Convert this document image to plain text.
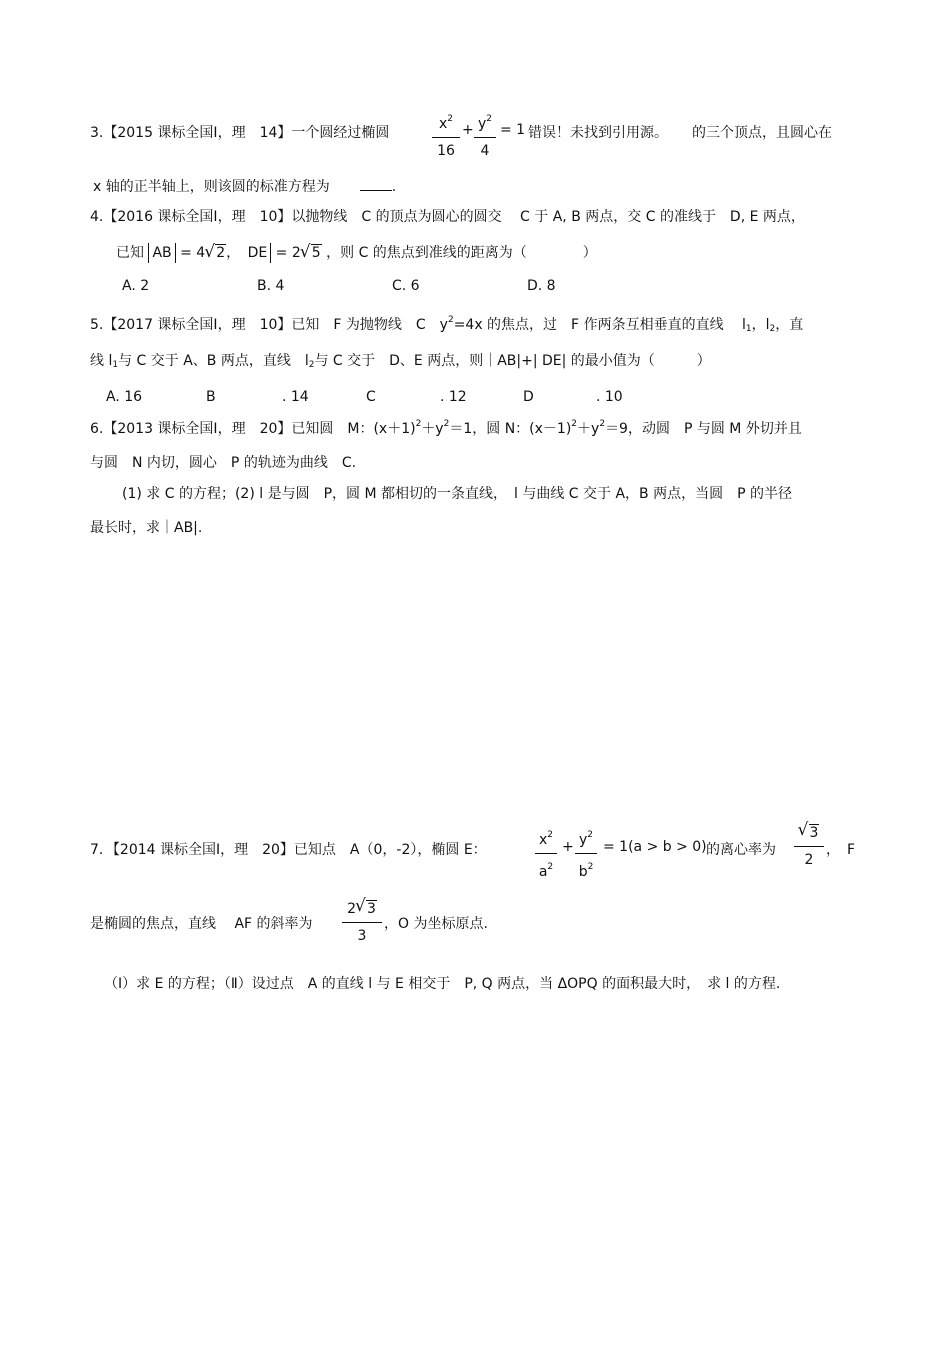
3.【2015 课标全国Ⅰ，理　14】一个圆经过椭圆
$x^2$
16
+ $y^2$
4
= 1 错误！未找到引用源。 的三个顶点，且圆心在
x 轴的正半轴上，则该圆的标准方程为	.
4.【2016 课标全国Ⅰ，理　10】以抛物线　C 的顶点为圆心的圆交　 C 于 A, B 两点，交 C 的准线于　D, E 两点，
已知 AB = 4 √ 2， DE = 2 √ 5 ，则 C 的焦点到准线的距离为（　　　　）
A. 2	B. 4	C. 6	D. 8
5.【2017 课标全国Ⅰ，理　10】已知　F 为抛物线　C　$y^2=4x$ 的焦点，过　F 作两条互相垂直的直线　 $l_1$，$l_2$，直
线 $l_1$与 C 交于 A、B 两点，直线　$l_2$与 C 交于　D、E 两点，则｜AB|+| DE| 的最小值为（　　　）
A. 16	B	. 14	C	. 12	D	. 10
6.【2013 课标全国Ⅰ，理　20】已知圆　M：$(x+1)^2+y^2=1$，圆 N：$(x-1)^2+y^2=9$，动圆　P 与圆 M 外切并且
与圆　N 内切，圆心　P 的轨迹为曲线　C.
(1) 求 C 的方程；(2) l 是与圆　P，圆 M 都相切的一条直线，　l 与曲线 C 交于 A，B 两点，当圆　P 的半径
最长时，求｜AB|.
7．【2014 课标全国Ⅰ，理　20】已知点　A（0，-2），椭圆 E：
$x^2$
$a^2$
+ $y^2$
$b^2$
= 1(a > b > 0) 的离心率为
√ 3
2
，　F
是椭圆的焦点，直线　 AF 的斜率为
2 √ 3
3
，O 为坐标原点.
（Ⅰ）求 E 的方程；（Ⅱ）设过点　A 的直线 l 与 E 相交于　P, Q 两点，当 ΔOPQ 的面积最大时，　求 l 的方程.
